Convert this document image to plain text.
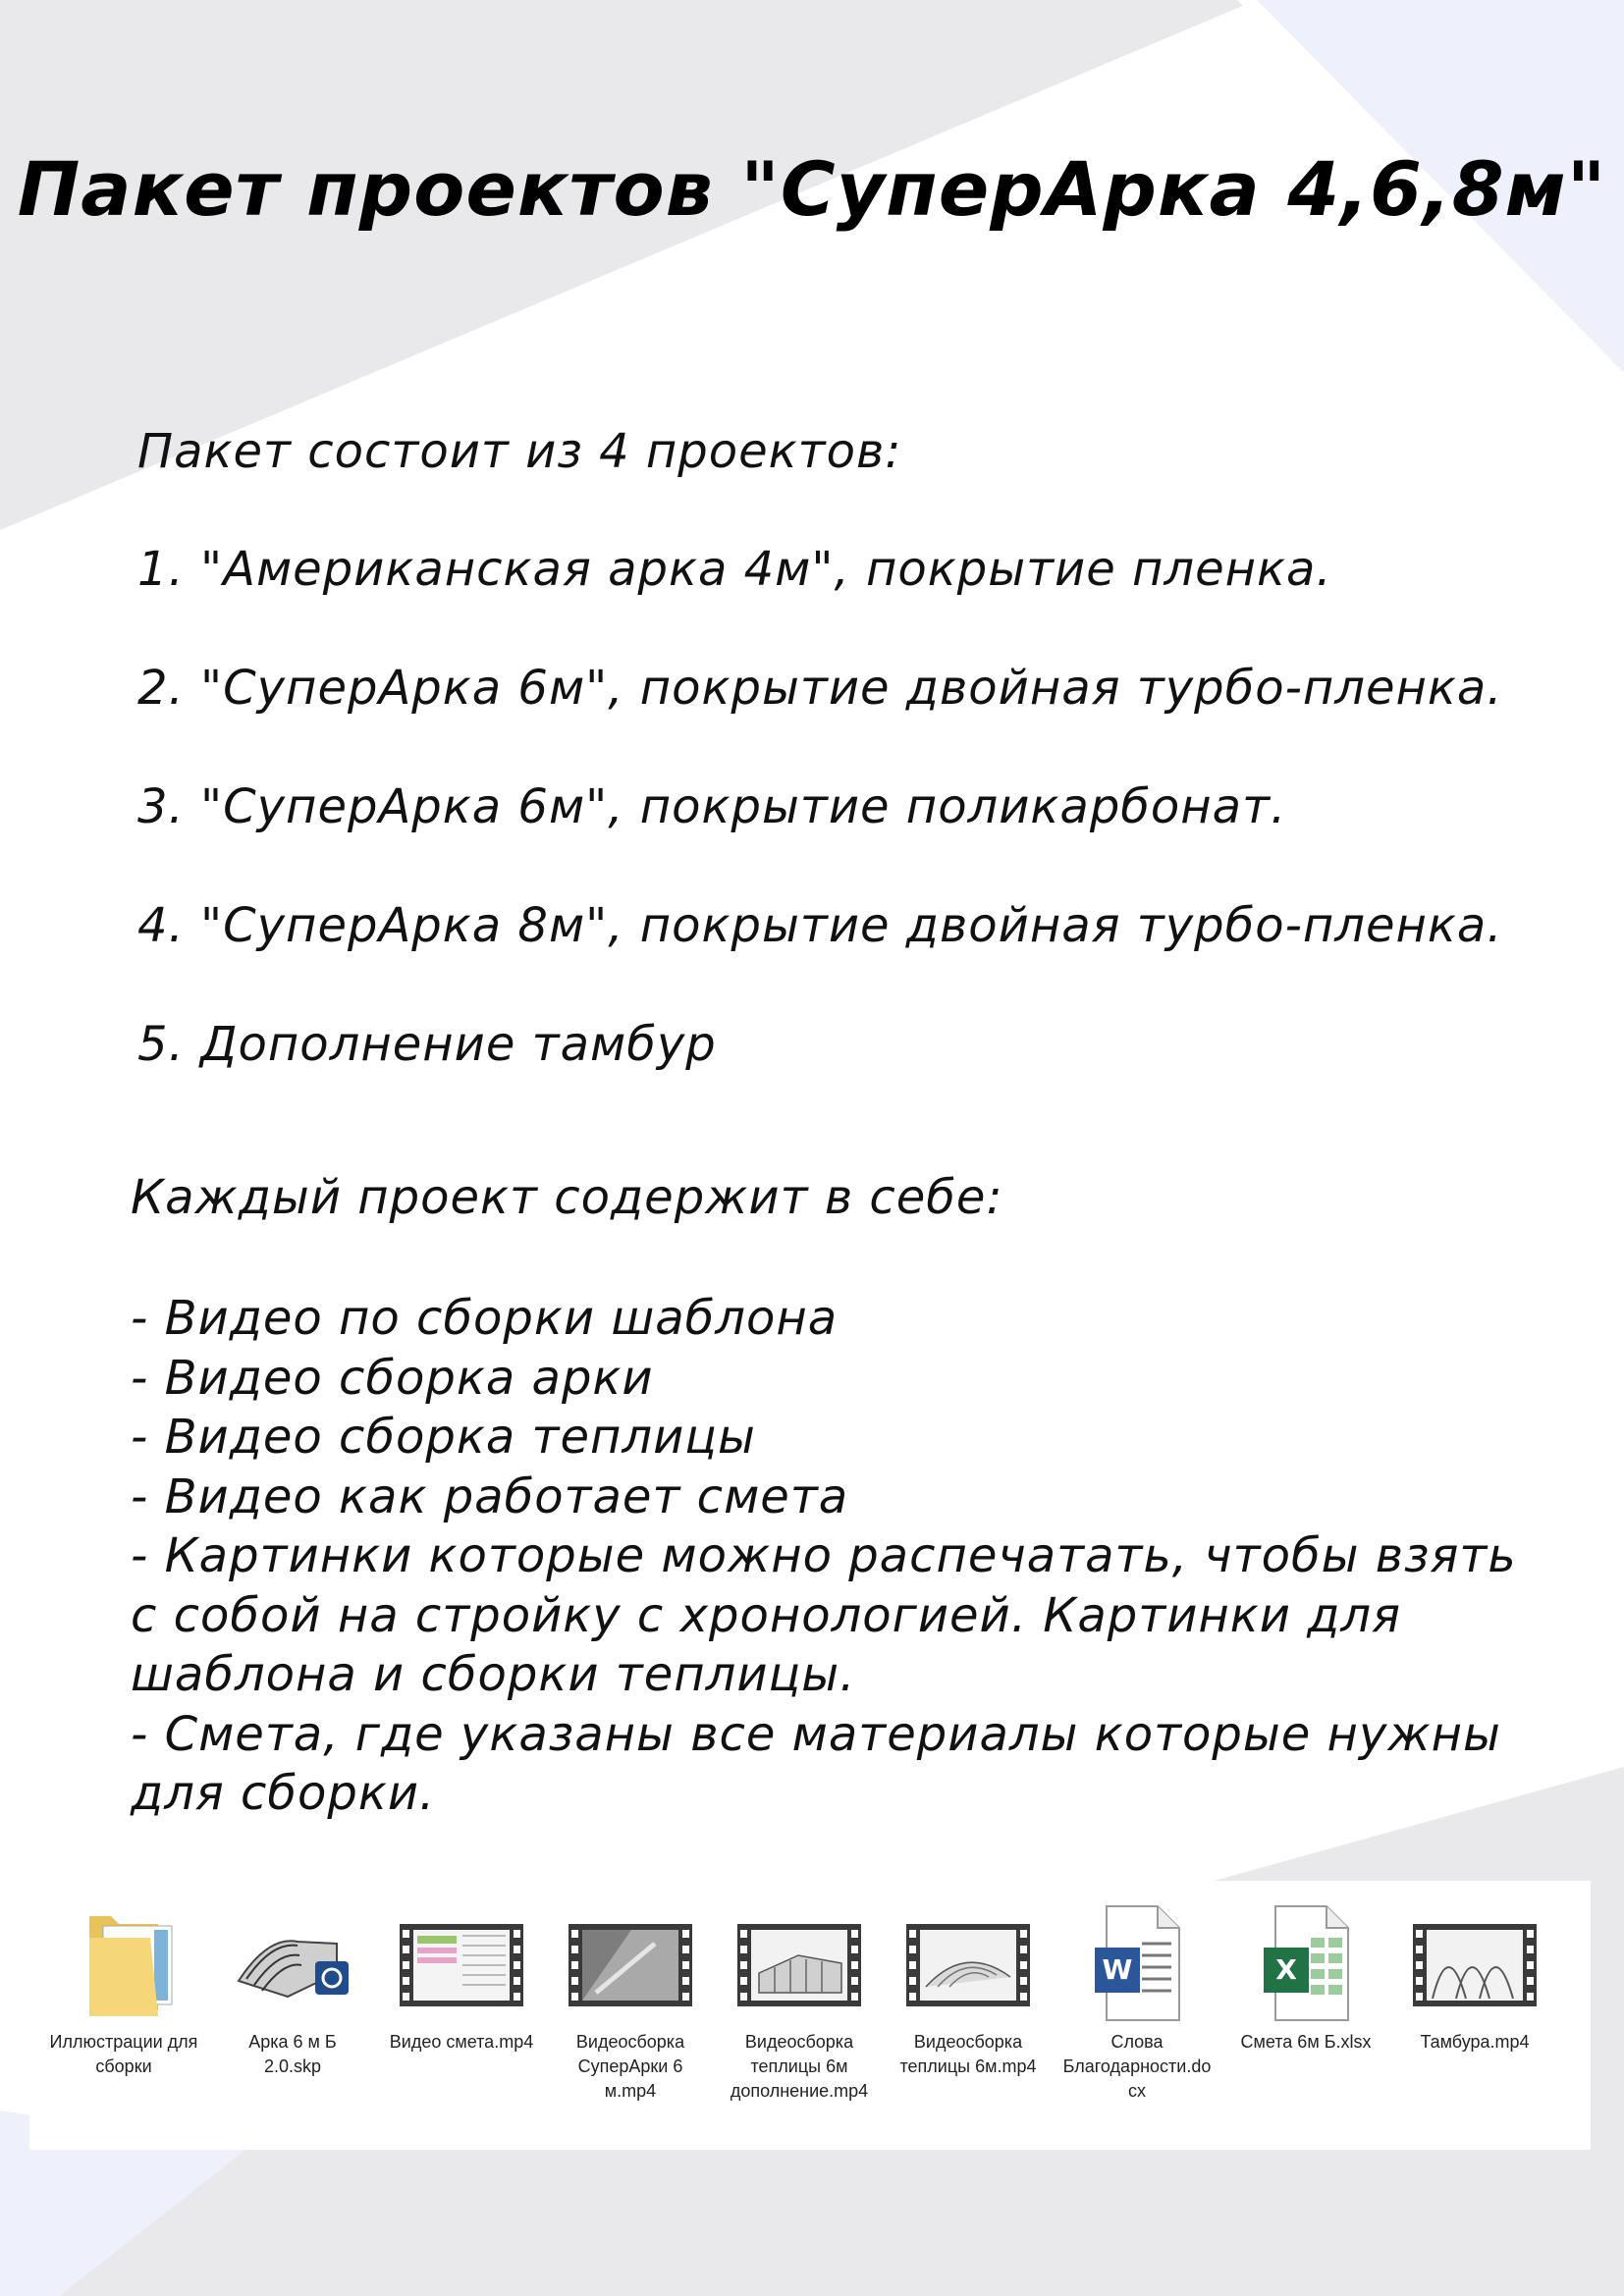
Пакет проектов "СуперАрка 4,6,8м"
Пакет состоит из 4 проектов:
1. "Американская арка 4м", покрытие пленка.
2. "СуперАрка 6м", покрытие двойная турбо-пленка.
3. "СуперАрка 6м", покрытие поликарбонат.
4. "СуперАрка 8м", покрытие двойная турбо-пленка.
5. Дополнение тамбур
Каждый проект содержит в себе:
- Видео по сборки шаблона
- Видео сборка арки
- Видео сборка теплицы
- Видео как работает смета
- Картинки которые можно распечатать, чтобы взять
с собой на стройку с хронологией. Картинки для
шаблона и сборки теплицы.
- Смета, где указаны все материалы которые нужны
для сборки.
Иллюстрации для сборки
Арка 6 м Б 2.0.skp
Видео смета.mp4	Видеосборка СуперАрки 6 м.mp4
Видеосборка теплицы 6м дополнение.mp4
Видеосборка теплицы 6м.mp4
W
Слова Благодарности.docx
X
Смета 6м Б.xlsx	Тамбура.mp4
